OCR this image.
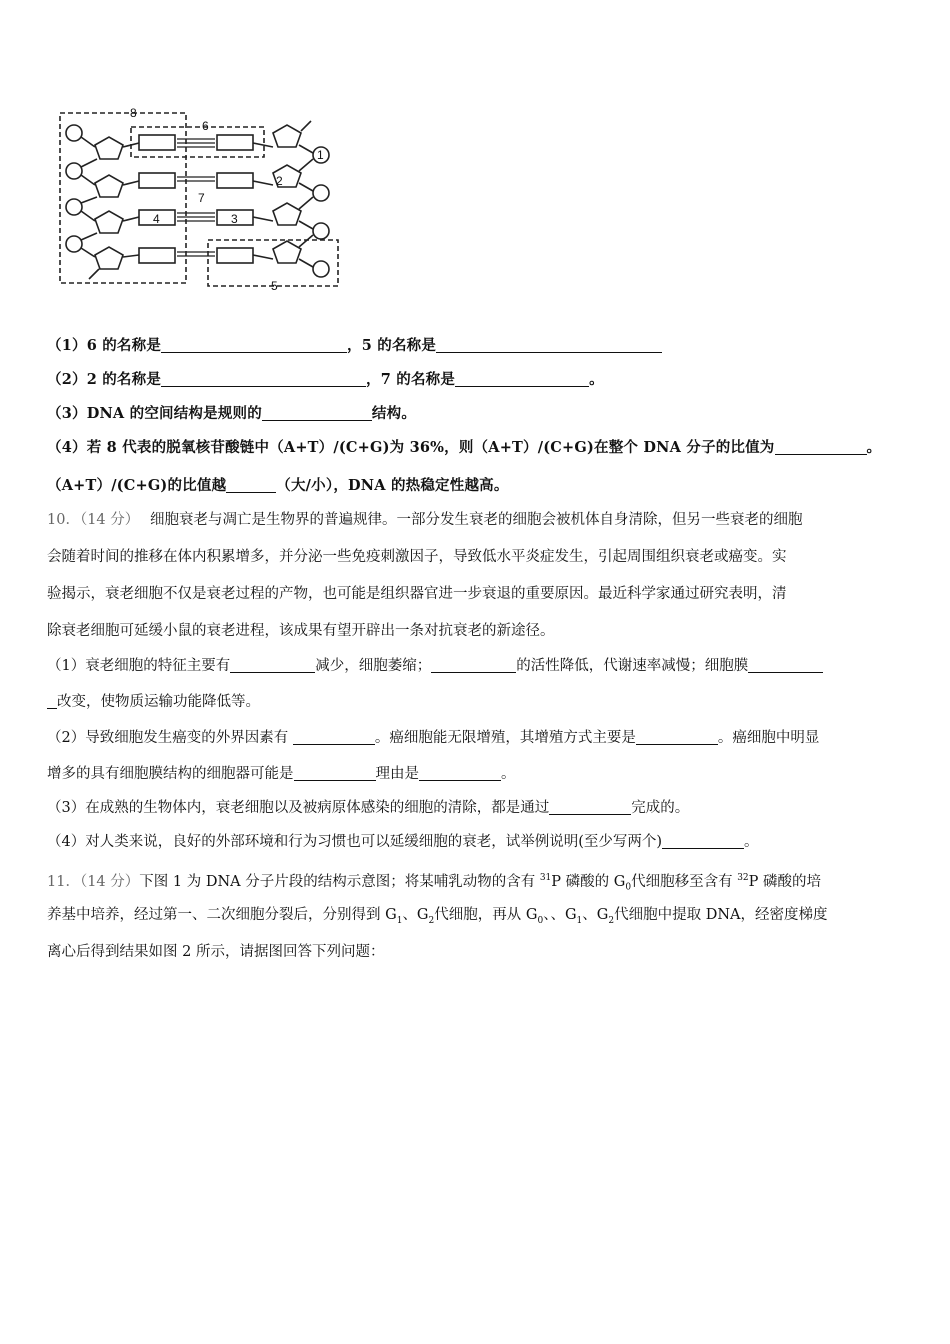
8
6
1
2
7
4	3
5
（1）6 的名称是	，5 的名称是
（2）2 的名称是	，7 的名称是	。
（3）DNA 的空间结构是规则的	结构。
（4）若 8 代表的脱氧核苷酸链中（A+T）/(C+G)为 36%，则（A+T）/(C+G)在整个 DNA 分子的比值为	。
（A+T）/(C+G)的比值越	（大/小），DNA 的热稳定性越高。
10．（14 分） 细胞衰老与凋亡是生物界的普遍规律。一部分发生衰老的细胞会被机体自身清除，但另一些衰老的细胞
会随着时间的推移在体内积累增多，并分泌一些免疫刺激因子，导致低水平炎症发生，引起周围组织衰老或癌变。实
验揭示，衰老细胞不仅是衰老过程的产物，也可能是组织器官进一步衰退的重要原因。最近科学家通过研究表明，清
除衰老细胞可延缓小鼠的衰老进程，该成果有望开辟出一条对抗衰老的新途径。
（1）衰老细胞的特征主要有	减少，细胞萎缩；	的活性降低，代谢速率减慢；细胞膜
改变，使物质运输功能降低等。
（2）导致细胞发生癌变的外界因素有	。癌细胞能无限增殖，其增殖方式主要是	。癌细胞中明显
增多的具有细胞膜结构的细胞器可能是	理由是	。
（3）在成熟的生物体内，衰老细胞以及被病原体感染的细胞的清除，都是通过	完成的。
（4）对人类来说，良好的外部环境和行为习惯也可以延缓细胞的衰老，试举例说明(至少写两个)	。
11．（14 分）下图 1 为 DNA 分子片段的结构示意图；将某哺乳动物的含有 $^{31}$P 磷酸的 $G_0$代细胞移至含有 $^{32}$P 磷酸的培
养基中培养，经过第一、二次细胞分裂后，分别得到 $G_1$、$G_2$代细胞，再从 $G_0$、、$G_1$、$G_2$代细胞中提取 DNA，经密度梯度
离心后得到结果如图 2 所示，请据图回答下列问题：
